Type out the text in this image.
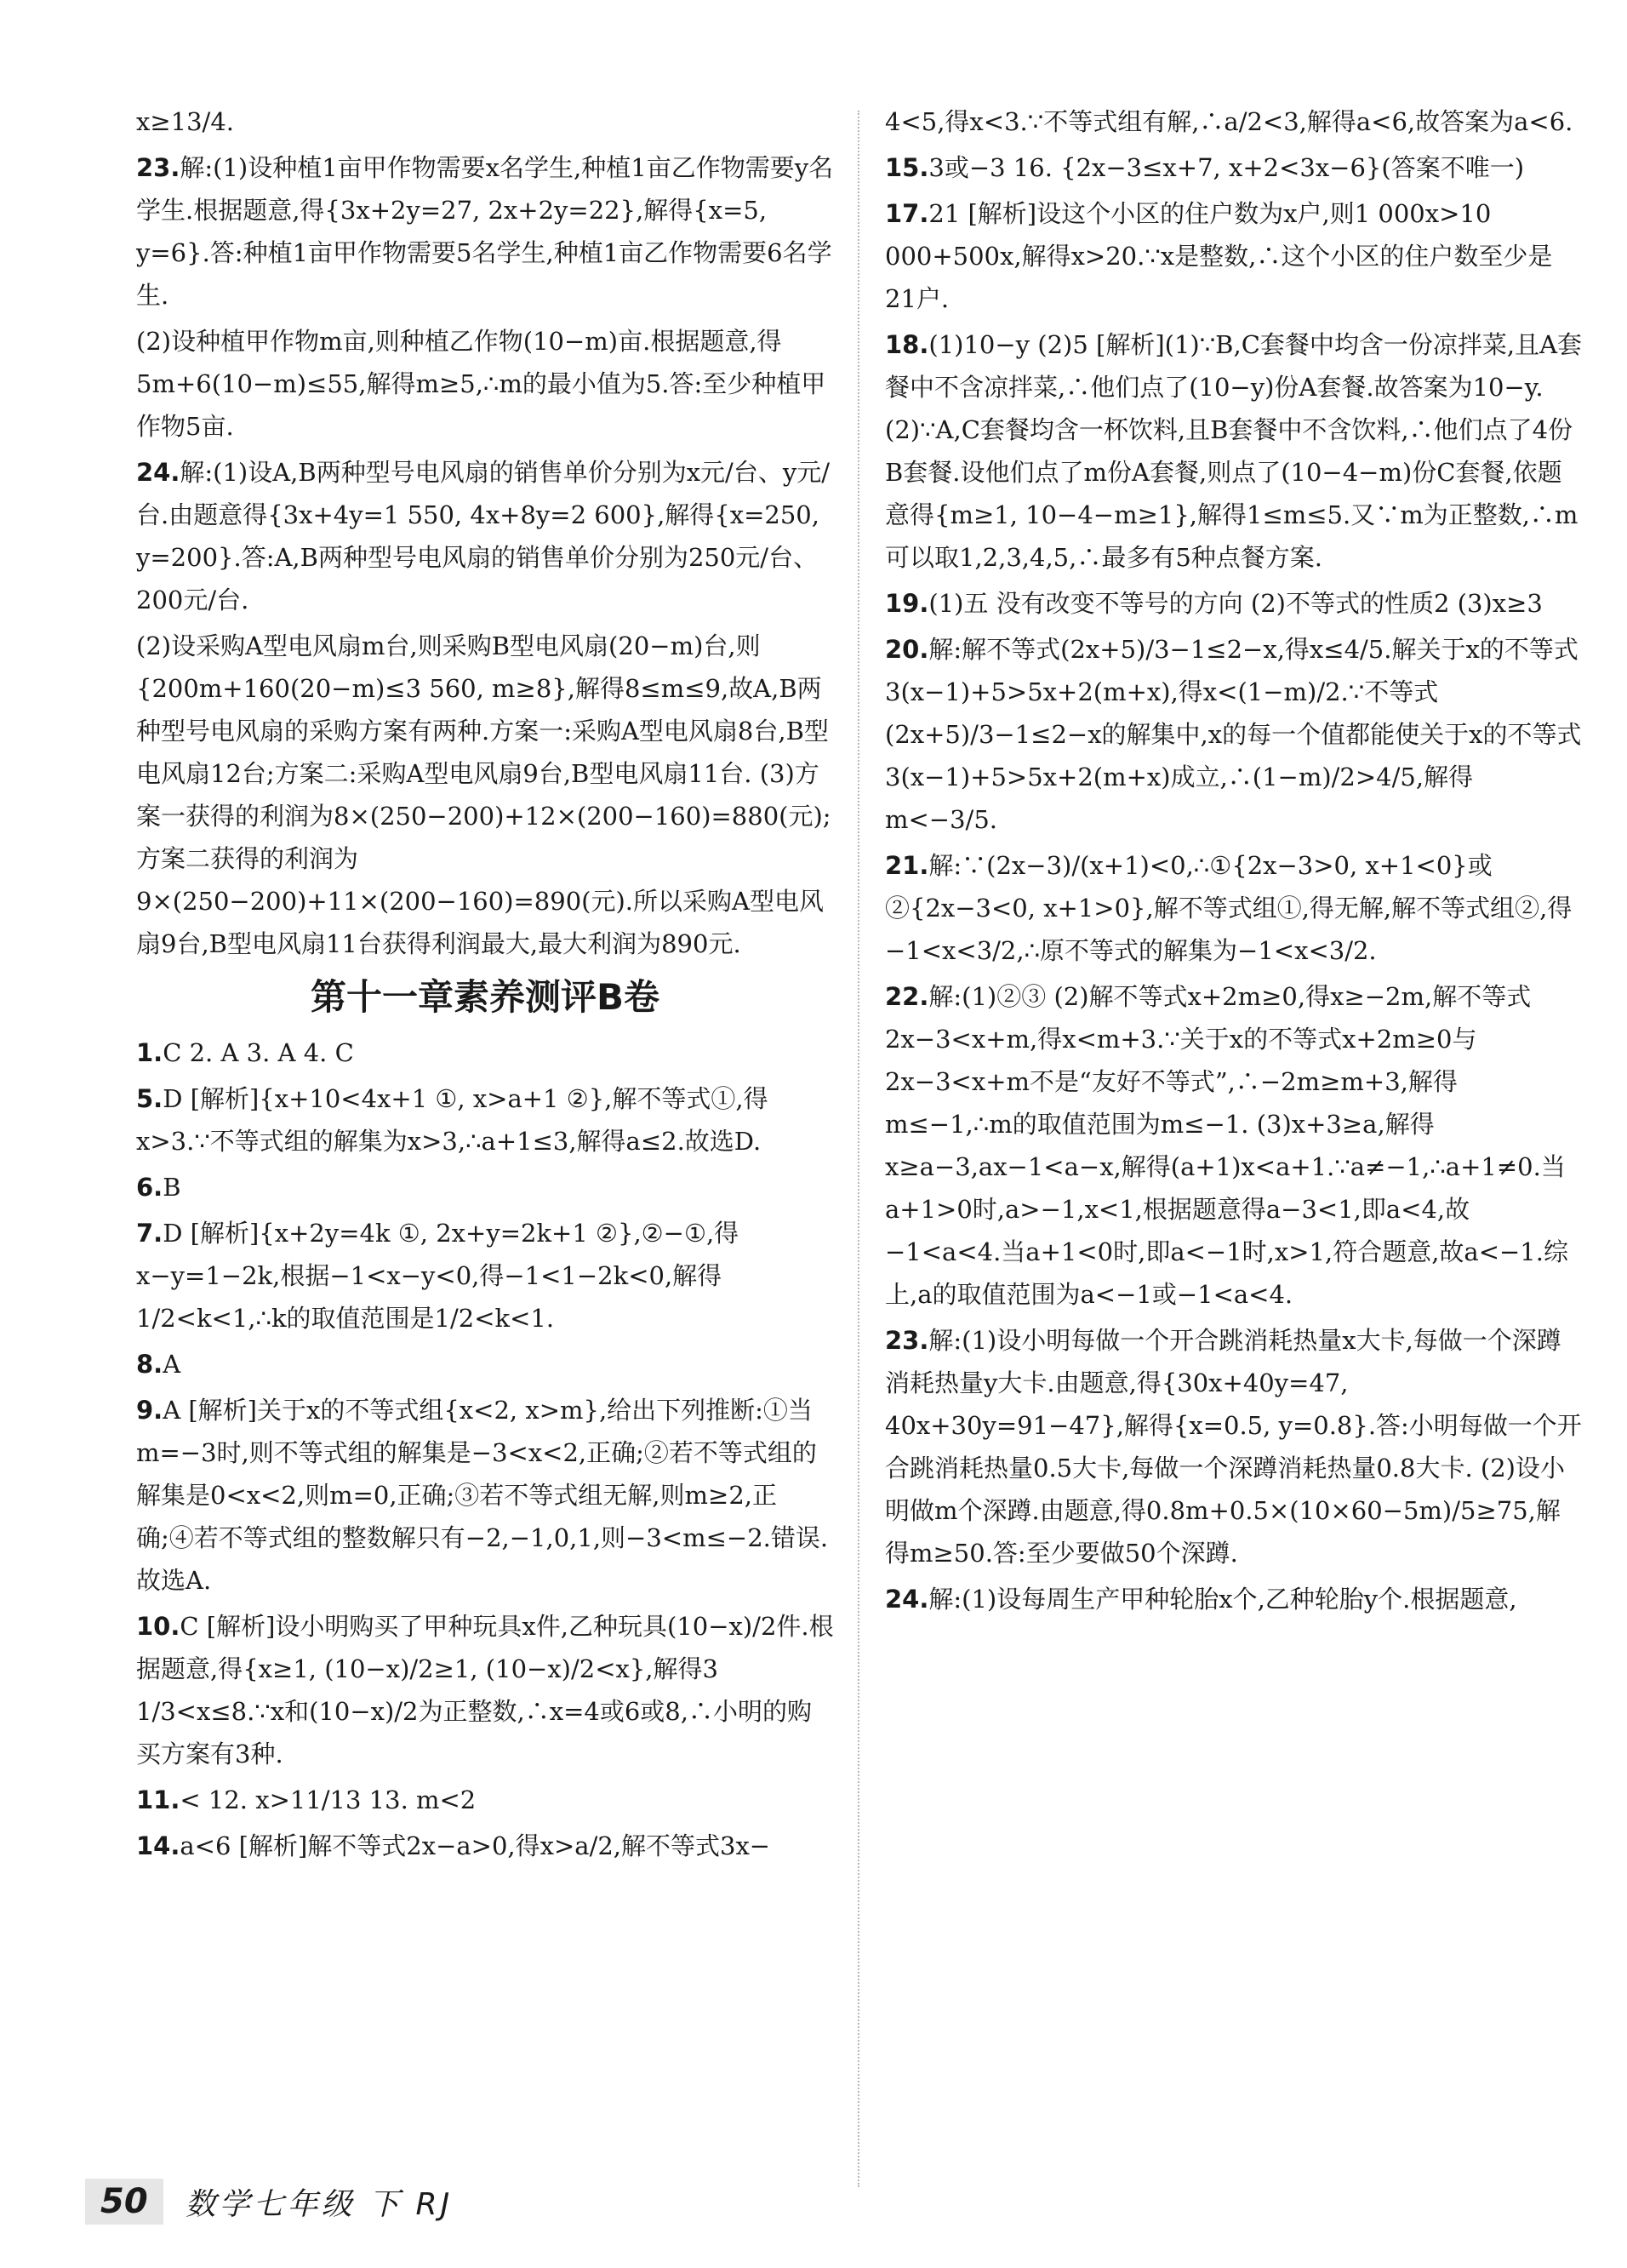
x≥13/4.

23.解:(1)设种植1亩甲作物需要x名学生,种植1亩乙作物需要y名学生.根据题意,得{3x+2y=27, 2x+2y=22},解得{x=5, y=6}.答:种植1亩甲作物需要5名学生,种植1亩乙作物需要6名学生.

(2)设种植甲作物m亩,则种植乙作物(10−m)亩.根据题意,得5m+6(10−m)≤55,解得m≥5,∴m的最小值为5.答:至少种植甲作物5亩.

24.解:(1)设A,B两种型号电风扇的销售单价分别为x元/台、y元/台.由题意得{3x+4y=1 550, 4x+8y=2 600},解得{x=250, y=200}.答:A,B两种型号电风扇的销售单价分别为250元/台、200元/台.

(2)设采购A型电风扇m台,则采购B型电风扇(20−m)台,则{200m+160(20−m)≤3 560, m≥8},解得8≤m≤9,故A,B两种型号电风扇的采购方案有两种.方案一:采购A型电风扇8台,B型电风扇12台;方案二:采购A型电风扇9台,B型电风扇11台. (3)方案一获得的利润为8×(250−200)+12×(200−160)=880(元);方案二获得的利润为9×(250−200)+11×(200−160)=890(元).所以采购A型电风扇9台,B型电风扇11台获得利润最大,最大利润为890元.

第十一章素养测评B卷

1.C 2. A 3. A 4. C

5.D [解析]{x+10<4x+1 ①, x>a+1 ②},解不等式①,得x>3.∵不等式组的解集为x>3,∴a+1≤3,解得a≤2.故选D.

6.B

7.D [解析]{x+2y=4k ①, 2x+y=2k+1 ②},②−①,得x−y=1−2k,根据−1<x−y<0,得−1<1−2k<0,解得1/2<k<1,∴k的取值范围是1/2<k<1.

8.A

9.A [解析]关于x的不等式组{x<2, x>m},给出下列推断:①当m=−3时,则不等式组的解集是−3<x<2,正确;②若不等式组的解集是0<x<2,则m=0,正确;③若不等式组无解,则m≥2,正确;④若不等式组的整数解只有−2,−1,0,1,则−3<m≤−2.错误.故选A.

10.C [解析]设小明购买了甲种玩具x件,乙种玩具(10−x)/2件.根据题意,得{x≥1, (10−x)/2≥1, (10−x)/2<x},解得3 1/3<x≤8.∵x和(10−x)/2为正整数,∴x=4或6或8,∴小明的购买方案有3种.

11.< 12. x>11/13 13. m<2

14.a<6 [解析]解不等式2x−a>0,得x>a/2,解不等式3x−

4<5,得x<3.∵不等式组有解,∴a/2<3,解得a<6,故答案为a<6.

15.3或−3 16. {2x−3≤x+7, x+2<3x−6}(答案不唯一)

17.21 [解析]设这个小区的住户数为x户,则1 000x>10 000+500x,解得x>20.∵x是整数,∴这个小区的住户数至少是21户.

18.(1)10−y (2)5 [解析](1)∵B,C套餐中均含一份凉拌菜,且A套餐中不含凉拌菜,∴他们点了(10−y)份A套餐.故答案为10−y. (2)∵A,C套餐均含一杯饮料,且B套餐中不含饮料,∴他们点了4份B套餐.设他们点了m份A套餐,则点了(10−4−m)份C套餐,依题意得{m≥1, 10−4−m≥1},解得1≤m≤5.又∵m为正整数,∴m可以取1,2,3,4,5,∴最多有5种点餐方案.

19.(1)五 没有改变不等号的方向 (2)不等式的性质2 (3)x≥3

20.解:解不等式(2x+5)/3−1≤2−x,得x≤4/5.解关于x的不等式3(x−1)+5>5x+2(m+x),得x<(1−m)/2.∵不等式(2x+5)/3−1≤2−x的解集中,x的每一个值都能使关于x的不等式3(x−1)+5>5x+2(m+x)成立,∴(1−m)/2>4/5,解得m<−3/5.

21.解:∵(2x−3)/(x+1)<0,∴①{2x−3>0, x+1<0}或②{2x−3<0, x+1>0},解不等式组①,得无解,解不等式组②,得−1<x<3/2,∴原不等式的解集为−1<x<3/2.

22.解:(1)②③ (2)解不等式x+2m≥0,得x≥−2m,解不等式2x−3<x+m,得x<m+3.∵关于x的不等式x+2m≥0与2x−3<x+m不是“友好不等式”,∴−2m≥m+3,解得m≤−1,∴m的取值范围为m≤−1. (3)x+3≥a,解得x≥a−3,ax−1<a−x,解得(a+1)x<a+1.∵a≠−1,∴a+1≠0.当a+1>0时,a>−1,x<1,根据题意得a−3<1,即a<4,故−1<a<4.当a+1<0时,即a<−1时,x>1,符合题意,故a<−1.综上,a的取值范围为a<−1或−1<a<4.

23.解:(1)设小明每做一个开合跳消耗热量x大卡,每做一个深蹲消耗热量y大卡.由题意,得{30x+40y=47, 40x+30y=91−47},解得{x=0.5, y=0.8}.答:小明每做一个开合跳消耗热量0.5大卡,每做一个深蹲消耗热量0.8大卡. (2)设小明做m个深蹲.由题意,得0.8m+0.5×(10×60−5m)/5≥75,解得m≥50.答:至少要做50个深蹲.

24.解:(1)设每周生产甲种轮胎x个,乙种轮胎y个.根据题意,

50	数学七年级 下 RJ
